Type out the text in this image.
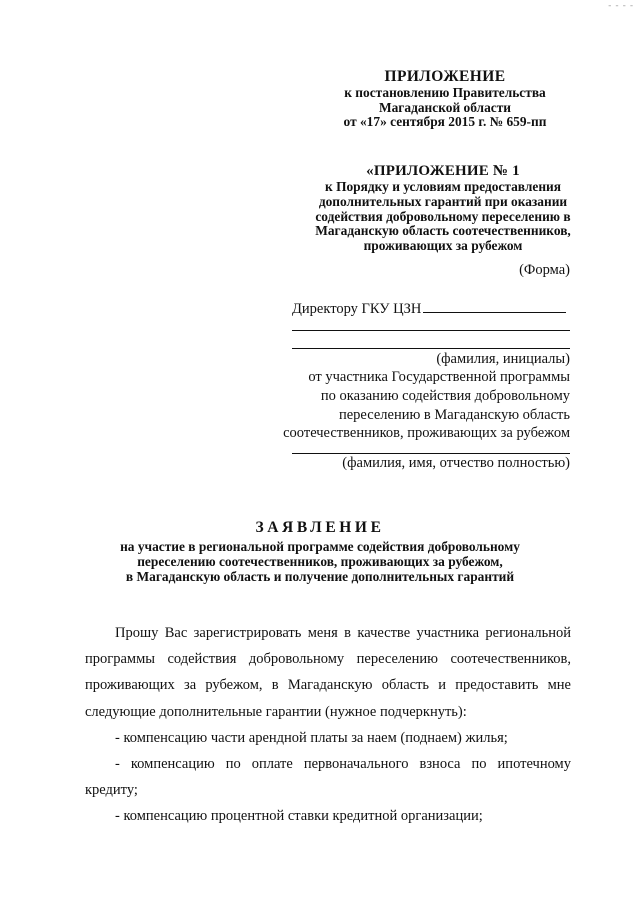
- - - -
ПРИЛОЖЕНИЕ
к постановлению Правительства
Магаданской области
от «17» сентября 2015 г. № 659-пп
«ПРИЛОЖЕНИЕ № 1
к Порядку и условиям предоставления
дополнительных гарантий при оказании
содействия добровольному переселению в
Магаданскую область соотечественников,
проживающих за рубежом
(Форма)
Директору ГКУ ЦЗН
(фамилия, инициалы)
от участника Государственной программы
по оказанию содействия добровольному
переселению в Магаданскую область
соотечественников, проживающих за рубежом
(фамилия, имя, отчество полностью)
ЗАЯВЛЕНИЕ
на участие в региональной программе содействия добровольному
переселению соотечественников, проживающих за рубежом,
в Магаданскую область и получение дополнительных гарантий

Прошу Вас зарегистрировать меня в качестве участника региональной программы содействия добровольному переселению соотечественников, проживающих за рубежом, в Магаданскую область и предоставить мне следующие дополнительные гарантии (нужное подчеркнуть):

- компенсацию части арендной платы за наем (поднаем) жилья;

- компенсацию по оплате первоначального взноса по ипотечному кредиту;

- компенсацию процентной ставки кредитной организации;
